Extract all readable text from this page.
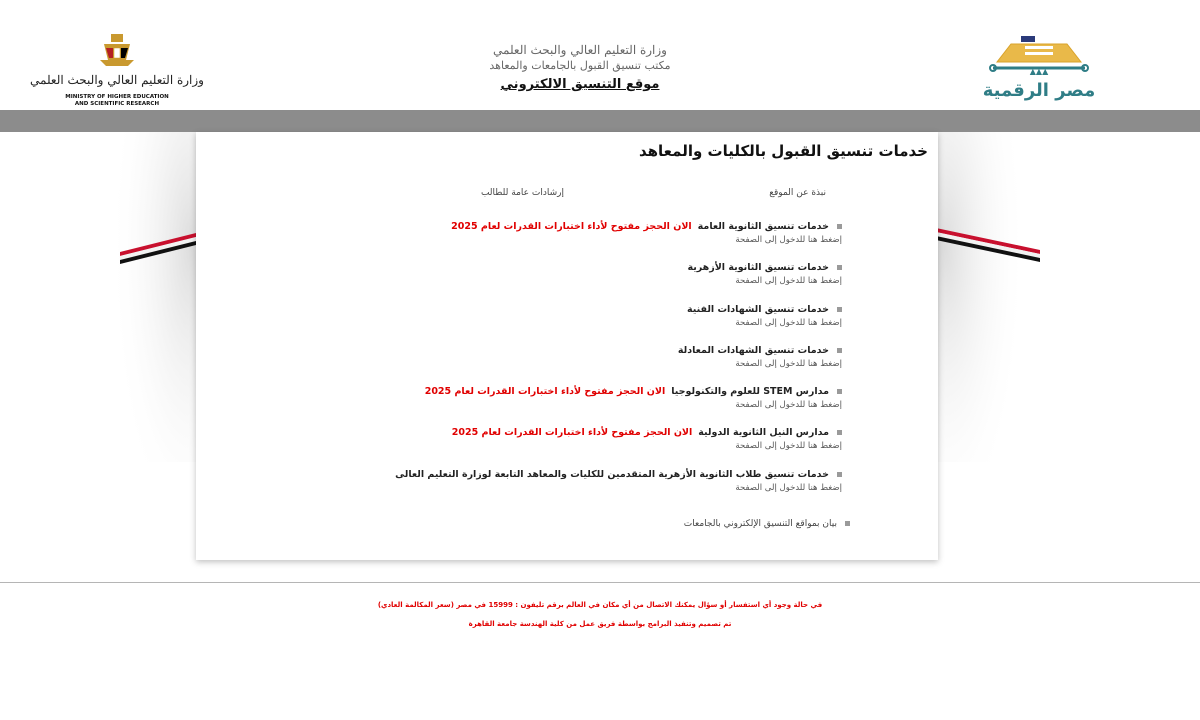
▲▲▲
مصر الرقمية
وزارة التعليم العالي والبحث العلمي
مكتب تنسيق القبول بالجامعات والمعاهد
موقع التنسيق الالكتروني
وزارة التعليم العالي والبحث العلمي
MINISTRY OF HIGHER EDUCATION
AND SCIENTIFIC RESEARCH
خدمات تنسيق القبول بالكليات والمعاهد
نبذة عن الموقع
إرشادات عامة للطالب
خدمات تنسيق الثانوية العامةالان الحجز مفتوح لأداء اختبارات القدرات لعام 2025
إضغط هنا للدخول إلى الصفحة
خدمات تنسيق الثانوية الأزهرية
إضغط هنا للدخول إلى الصفحة
خدمات تنسيق الشهادات الفنية
إضغط هنا للدخول إلى الصفحة
خدمات تنسيق الشهادات المعادلة
إضغط هنا للدخول إلى الصفحة
مدارس STEM للعلوم والتكنولوجياالان الحجز مفتوح لأداء اختبارات القدرات لعام 2025
إضغط هنا للدخول إلى الصفحة
مدارس النيل الثانوية الدوليةالان الحجز مفتوح لأداء اختبارات القدرات لعام 2025
إضغط هنا للدخول إلى الصفحة
خدمات تنسيق طلاب الثانوية الأزهرية المتقدمين للكليات والمعاهد التابعة لوزارة التعليم العالى
إضغط هنا للدخول إلى الصفحة
بيان بمواقع التنسيق الإلكتروني بالجامعات
في حالة وجود أي استفسار أو سؤال يمكنك الاتصال من أي مكان في العالم برقم تليفون : 15999 في مصر (سعر المكالمة العادي)
تم تصميم وتنفيذ البرامج بواسطة فريق عمل من كلية الهندسة جامعة القاهرة
